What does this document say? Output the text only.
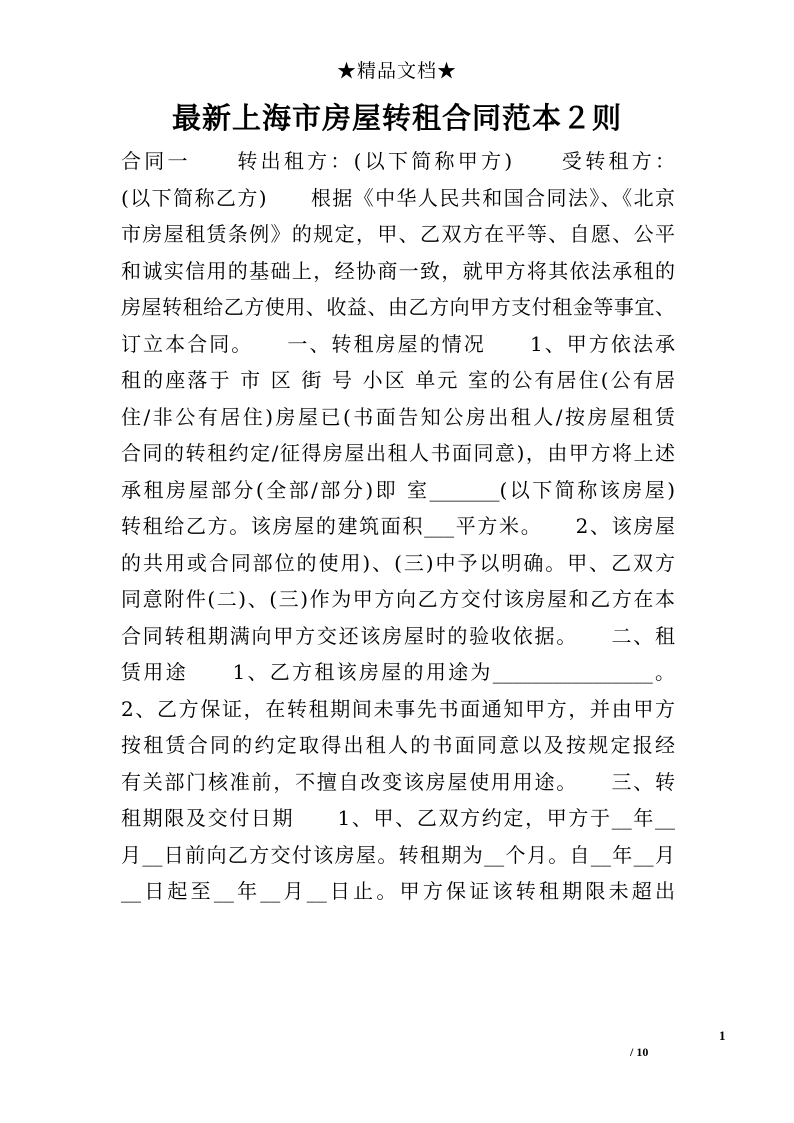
★精品文档★
最新上海市房屋转租合同范本２则
合同一　　转出租方：(以下简称甲方)　　受转租方：
(以下简称乙方)　　根据《中华人民共和国合同法》、《北京
市房屋租赁条例》的规定，甲、乙双方在平等、自愿、公平
和诚实信用的基础上，经协商一致，就甲方将其依法承租的
房屋转租给乙方使用、收益、由乙方向甲方支付租金等事宜、
订立本合同。　　一、转租房屋的情况　　1、甲方依法承
租的座落于 市 区 街 号 小区 单元 室的公有居住(公有居
住/非公有居住)房屋已(书面告知公房出租人/按房屋租赁
合同的转租约定/征得房屋出租人书面同意)，由甲方将上述
承租房屋部分(全部/部分)即 室_______(以下简称该房屋)
转租给乙方。该房屋的建筑面积___平方米。　　2、该房屋
的共用或合同部位的使用)、(三)中予以明确。甲、乙双方
同意附件(二)、(三)作为甲方向乙方交付该房屋和乙方在本
合同转租期满向甲方交还该房屋时的验收依据。　　二、租
赁用途　　1、乙方租该房屋的用途为________________。
2、乙方保证，在转租期间未事先书面通知甲方，并由甲方
按租赁合同的约定取得出租人的书面同意以及按规定报经
有关部门核准前，不擅自改变该房屋使用用途。　　三、转
租期限及交付日期　　1、甲、乙双方约定，甲方于__年__
月__日前向乙方交付该房屋。转租期为__个月。自__年__月
__日起至__年__月__日止。甲方保证该转租期限未超出
1
/ 10
